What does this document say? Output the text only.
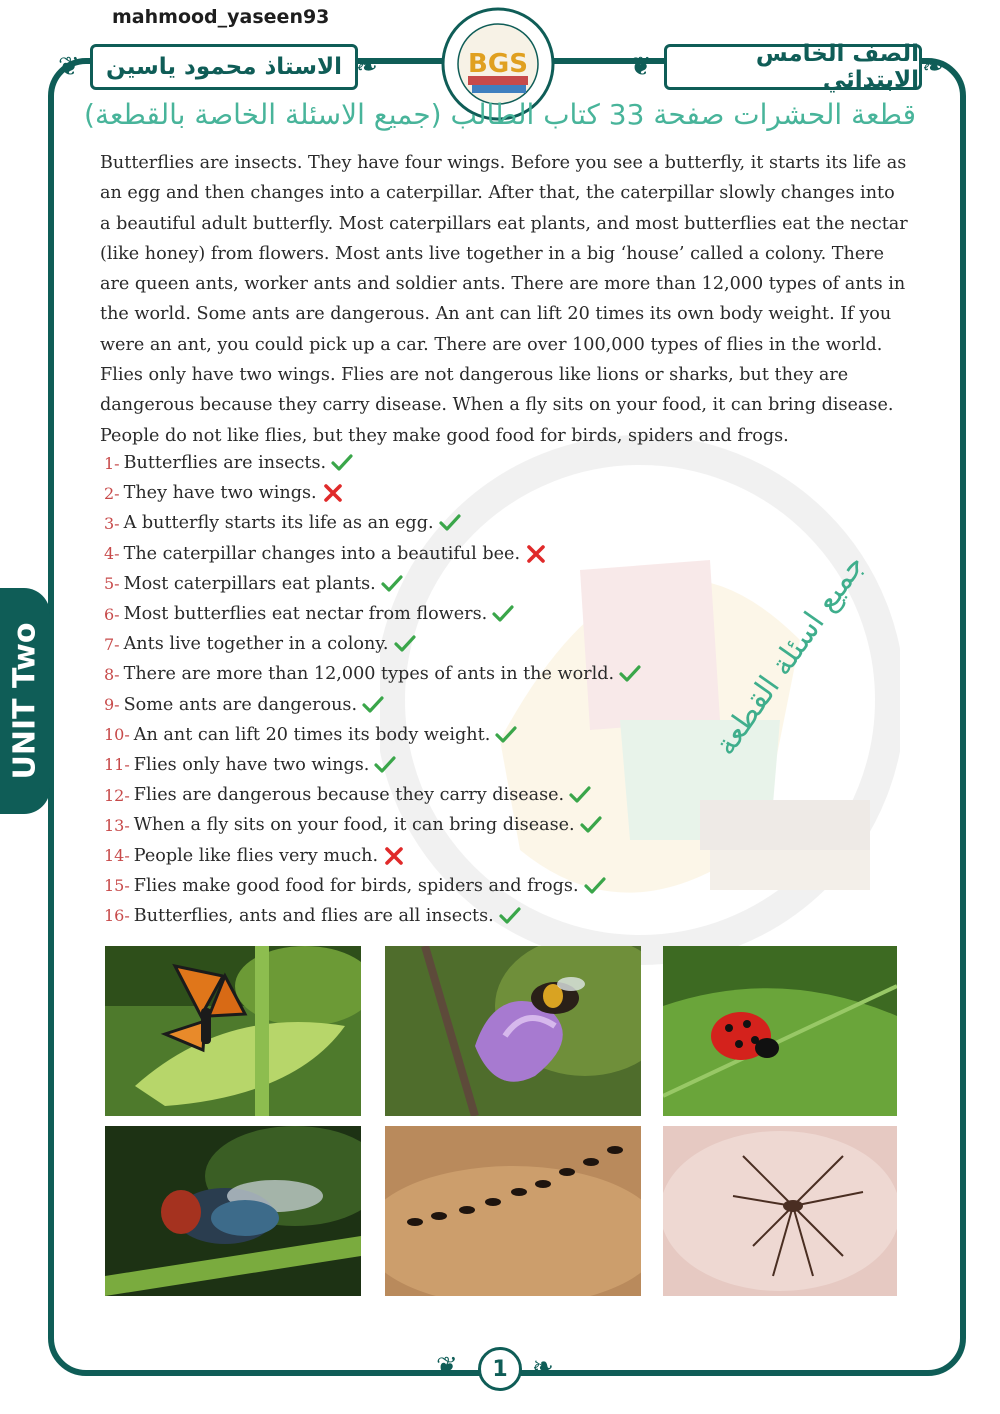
mahmood_yaseen93
الاستاذ محمود ياسين	الصف الخامس الابتدائي
❦	❧	❦	❧
BGS
قطعة الحشرات صفحة 33 كتاب الطالب (جميع الاسئلة الخاصة بالقطعة)

Butterflies are insects. They have four wings. Before you see a butterfly, it starts its life as an egg and then changes into a caterpillar. After that, the caterpillar slowly changes into a beautiful adult butterfly. Most caterpillars eat plants, and most butterflies eat the nectar (like honey) from flowers. Most ants live together in a big ‘house’ called a colony. There are queen ants, worker ants and soldier ants. There are more than 12,000 types of ants in the world. Some ants are dangerous. An ant can lift 20 times its own body weight. If you were an ant, you could pick up a car. There are over 100,000 types of flies in the world. Flies only have two wings. Flies are not dangerous like lions or sharks, but they are dangerous because they carry disease. When a fly sits on your food, it can bring disease. People do not like flies, but they make good food for birds, spiders and frogs.

1- Butterflies are insects.
2- They have two wings.
3- A butterfly starts its life as an egg.
4- The caterpillar changes into a beautiful bee.
5- Most caterpillars eat plants.
6- Most butterflies eat nectar from flowers.
7- Ants live together in a colony.
8- There are more than 12,000 types of ants in the world.
9- Some ants are dangerous.
10- An ant can lift 20 times its body weight.
11- Flies only have two wings.
12- Flies are dangerous because they carry disease.
13- When a fly sits on your food, it can bring disease.
14- People like flies very much.
15- Flies make good food for birds, spiders and frogs.
16- Butterflies, ants and flies are all insects.
UNIT Two	جميع اسئلة القطعة
❦	❧
1
